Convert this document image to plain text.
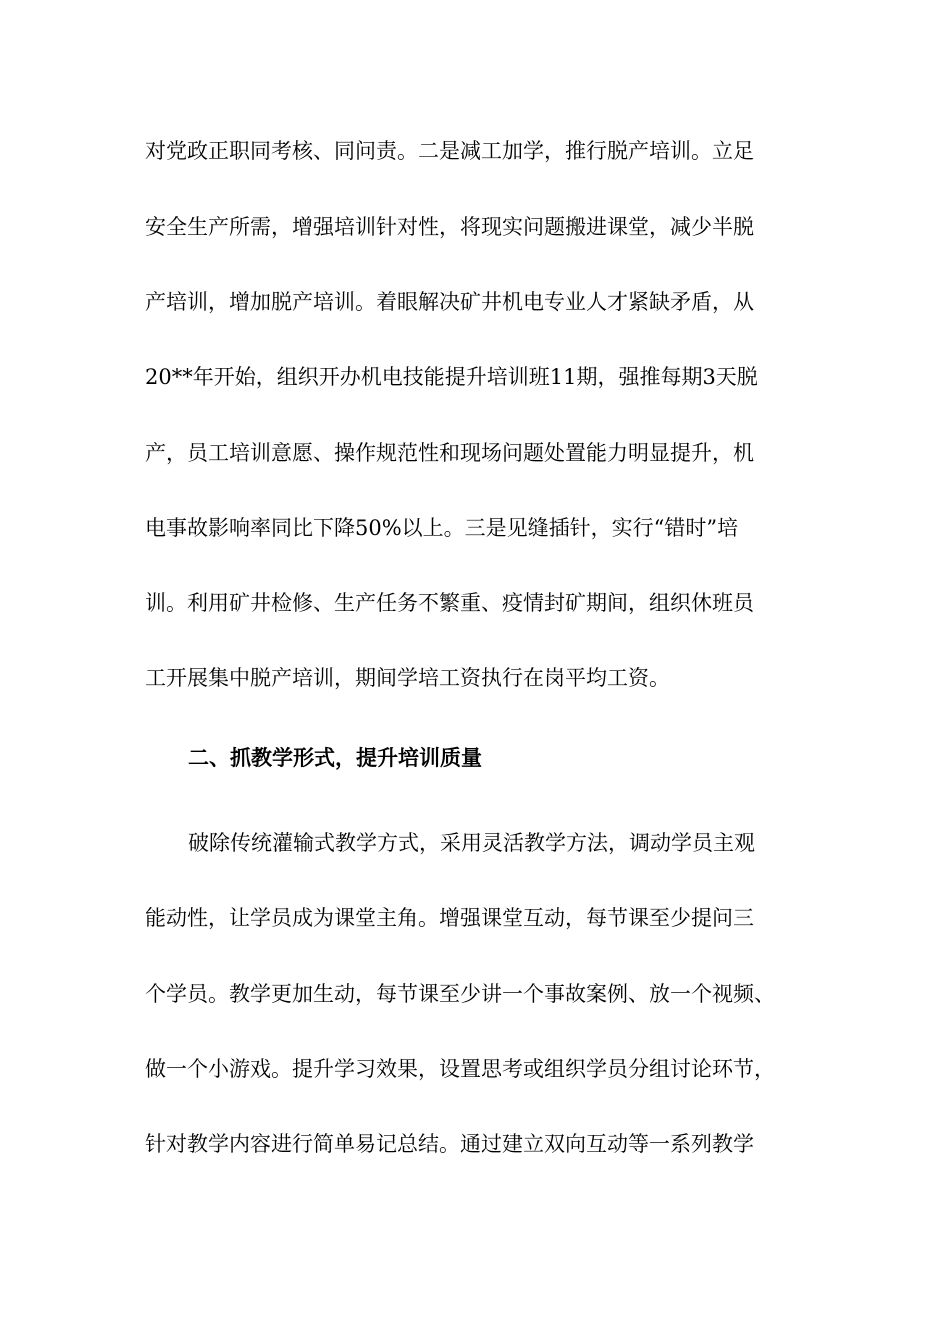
对党政正职同考核、同问责。二是减工加学，推行脱产培训。立足
安全生产所需，增强培训针对性，将现实问题搬进课堂，减少半脱
产培训，增加脱产培训。着眼解决矿井机电专业人才紧缺矛盾，从
20**年开始，组织开办机电技能提升培训班11期，强推每期3天脱
产，员工培训意愿、操作规范性和现场问题处置能力明显提升，机
电事故影响率同比下降50%以上。三是见缝插针，实行“错时”培
训。利用矿井检修、生产任务不繁重、疫情封矿期间，组织休班员
工开展集中脱产培训，期间学培工资执行在岗平均工资。
二、抓教学形式，提升培训质量
破除传统灌输式教学方式，采用灵活教学方法，调动学员主观
能动性，让学员成为课堂主角。增强课堂互动，每节课至少提问三
个学员。教学更加生动，每节课至少讲一个事故案例、放一个视频、
做一个小游戏。提升学习效果，设置思考或组织学员分组讨论环节，
针对教学内容进行简单易记总结。通过建立双向互动等一系列教学
